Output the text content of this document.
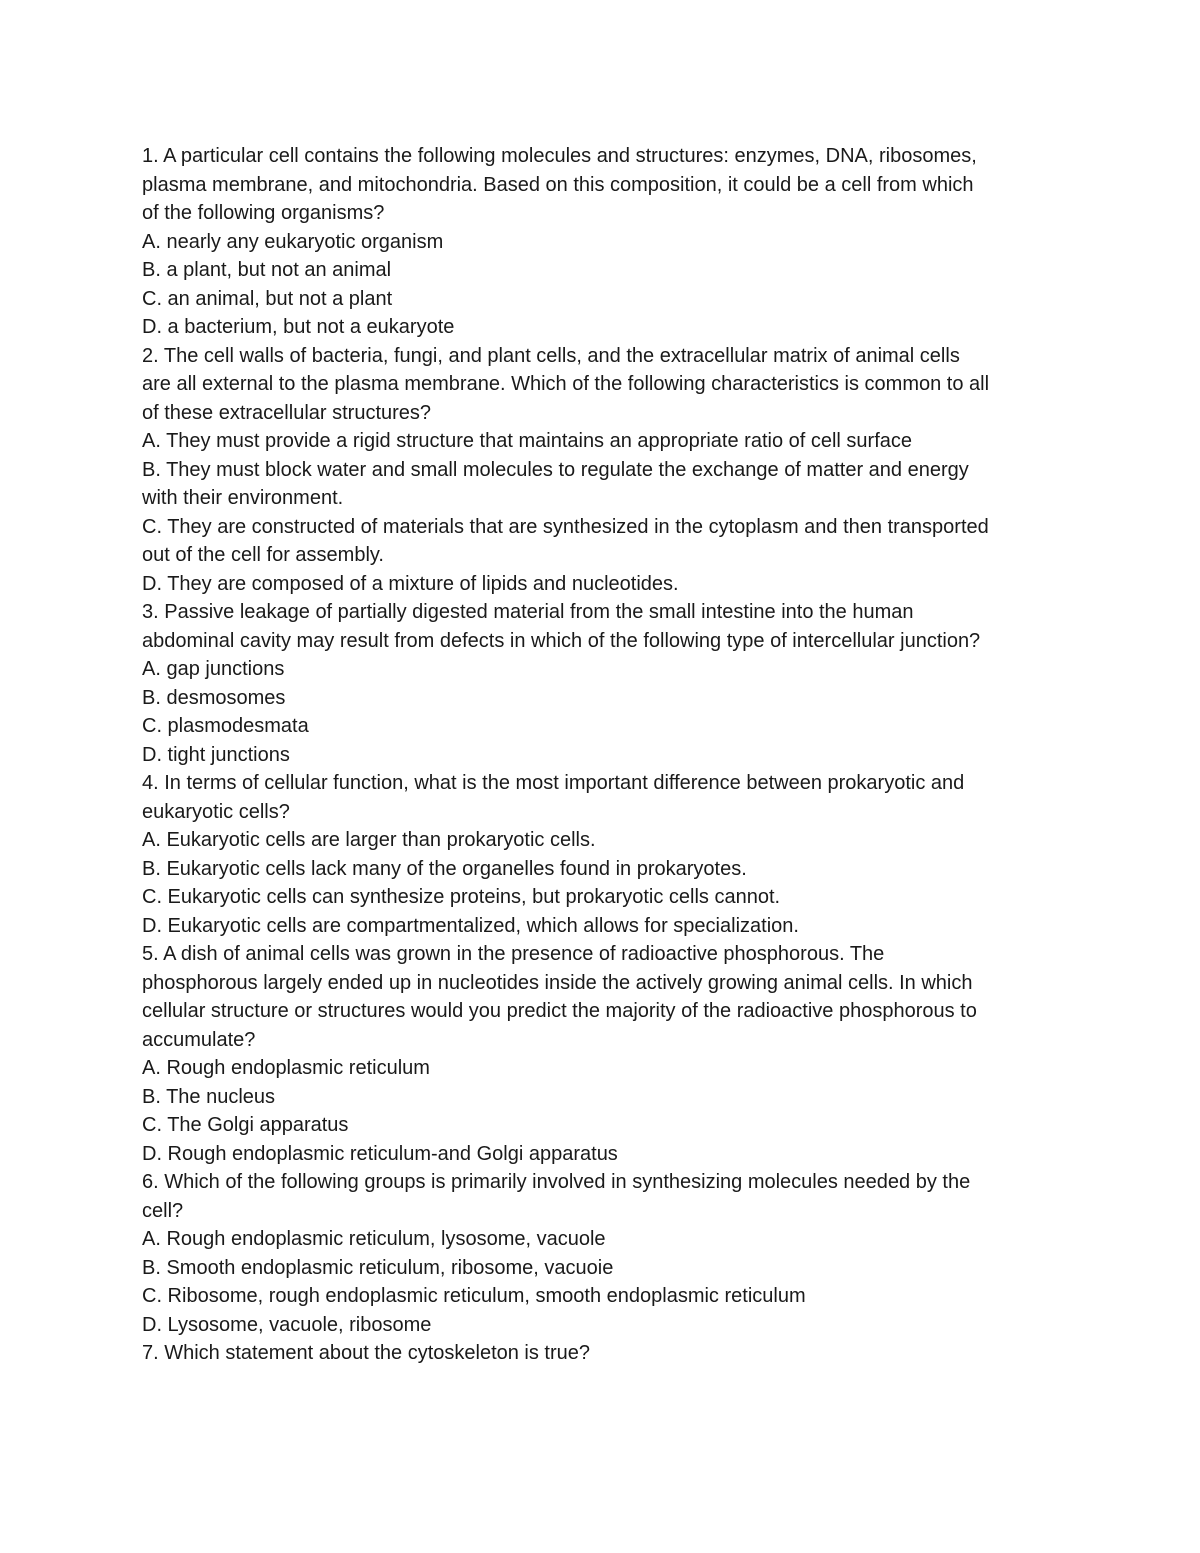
1. A particular cell contains the following molecules and structures: enzymes, DNA, ribosomes,
plasma membrane, and mitochondria. Based on this composition, it could be a cell from which
of the following organisms?
A. nearly any eukaryotic organism
B. a plant, but not an animal
C. an animal, but not a plant
D. a bacterium, but not a eukaryote
2. The cell walls of bacteria, fungi, and plant cells, and the extracellular matrix of animal cells
are all external to the plasma membrane. Which of the following characteristics is common to all
of these extracellular structures?
A. They must provide a rigid structure that maintains an appropriate ratio of cell surface
B. They must block water and small molecules to regulate the exchange of matter and energy
with their environment.
C. They are constructed of materials that are synthesized in the cytoplasm and then transported
out of the cell for assembly.
D. They are composed of a mixture of lipids and nucleotides.
3. Passive leakage of partially digested material from the small intestine into the human
abdominal cavity may result from defects in which of the following type of intercellular junction?
A. gap junctions
B. desmosomes
C. plasmodesmata
D. tight junctions
4. In terms of cellular function, what is the most important difference between prokaryotic and
eukaryotic cells?
A. Eukaryotic cells are larger than prokaryotic cells.
B. Eukaryotic cells lack many of the organelles found in prokaryotes.
C. Eukaryotic cells can synthesize proteins, but prokaryotic cells cannot.
D. Eukaryotic cells are compartmentalized, which allows for specialization.
5. A dish of animal cells was grown in the presence of radioactive phosphorous. The
phosphorous largely ended up in nucleotides inside the actively growing animal cells. In which
cellular structure or structures would you predict the majority of the radioactive phosphorous to
accumulate?
A. Rough endoplasmic reticulum
B. The nucleus
C. The Golgi apparatus
D. Rough endoplasmic reticulum-and Golgi apparatus
6. Which of the following groups is primarily involved in synthesizing molecules needed by the
cell?
A. Rough endoplasmic reticulum, lysosome, vacuole
B. Smooth endoplasmic reticulum, ribosome, vacuoie
C. Ribosome, rough endoplasmic reticulum, smooth endoplasmic reticulum
D. Lysosome, vacuole, ribosome
7. Which statement about the cytoskeleton is true?
